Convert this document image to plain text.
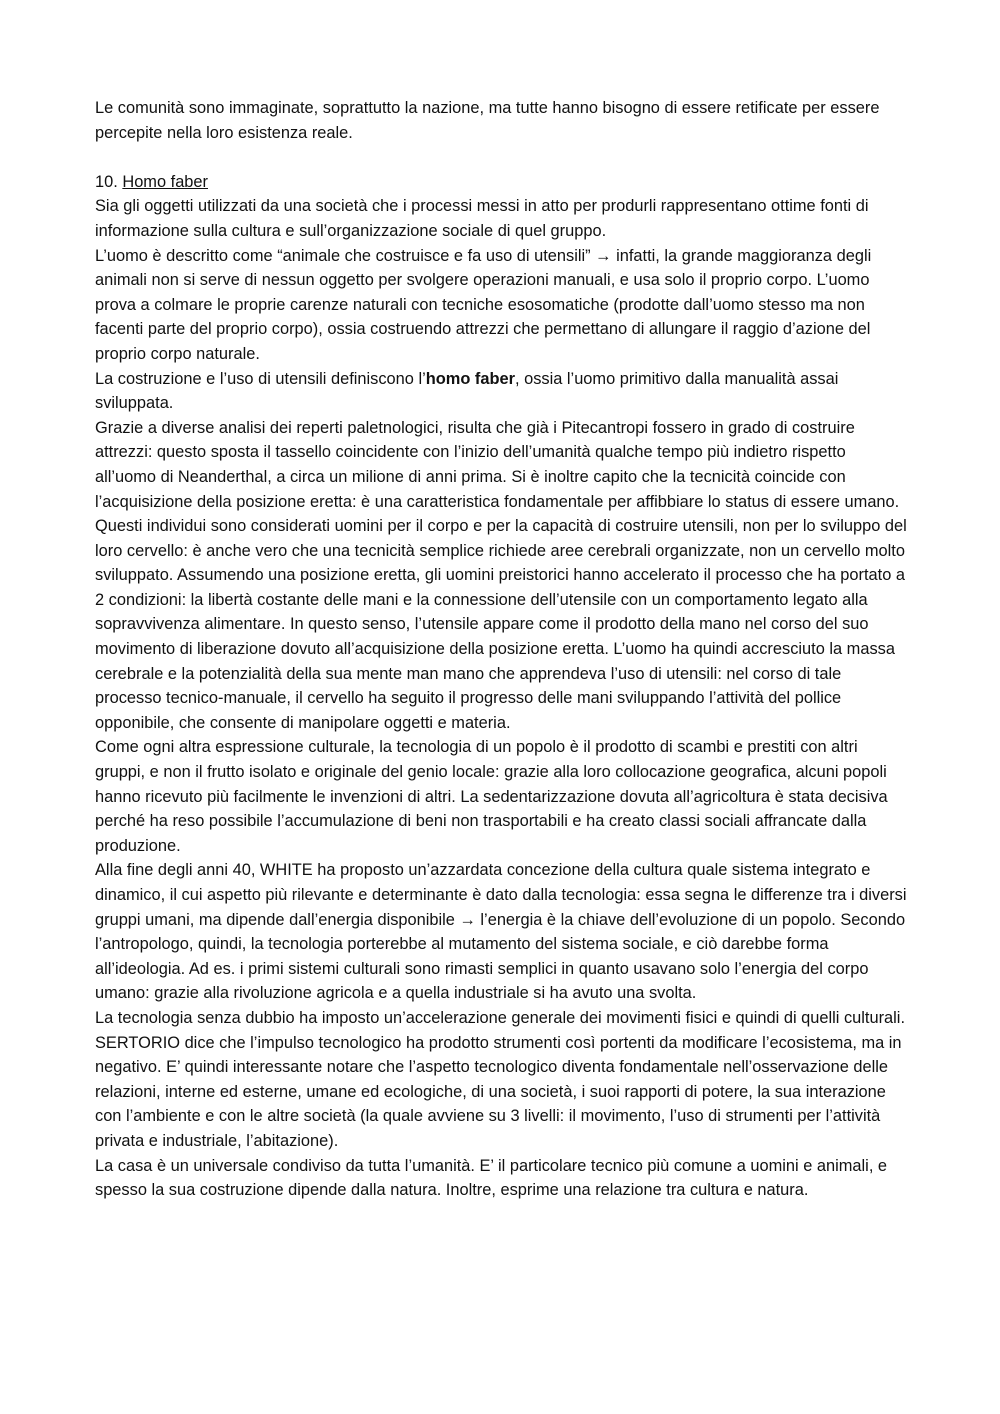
Le comunità sono immaginate, soprattutto la nazione, ma tutte hanno bisogno di essere retificate per essere percepite nella loro esistenza reale.

10. Homo faber

Sia gli oggetti utilizzati da una società che i processi messi in atto per produrli rappresentano ottime fonti di informazione sulla cultura e sull’organizzazione sociale di quel gruppo.

L’uomo è descritto come “animale che costruisce e fa uso di utensili” → infatti, la grande maggioranza degli animali non si serve di nessun oggetto per svolgere operazioni manuali, e usa solo il proprio corpo. L’uomo prova a colmare le proprie carenze naturali con tecniche esosomatiche (prodotte dall’uomo stesso ma non facenti parte del proprio corpo), ossia costruendo attrezzi che permettano di allungare il raggio d’azione del proprio corpo naturale.

La costruzione e l’uso di utensili definiscono l’homo faber, ossia l’uomo primitivo dalla manualità assai sviluppata.

Grazie a diverse analisi dei reperti paletnologici, risulta che già i Pitecantropi fossero in grado di costruire attrezzi: questo sposta il tassello coincidente con l’inizio dell’umanità qualche tempo più indietro rispetto all’uomo di Neanderthal, a circa un milione di anni prima. Si è inoltre capito che la tecnicità coincide con l’acquisizione della posizione eretta: è una caratteristica fondamentale per affibbiare lo status di essere umano. Questi individui sono considerati uomini per il corpo e per la capacità di costruire utensili, non per lo sviluppo del loro cervello: è anche vero che una tecnicità semplice richiede aree cerebrali organizzate, non un cervello molto sviluppato. Assumendo una posizione eretta, gli uomini preistorici hanno accelerato il processo che ha portato a 2 condizioni: la libertà costante delle mani e la connessione dell’utensile con un comportamento legato alla sopravvivenza alimentare. In questo senso, l’utensile appare come il prodotto della mano nel corso del suo movimento di liberazione dovuto all’acquisizione della posizione eretta. L’uomo ha quindi accresciuto la massa cerebrale e la potenzialità della sua mente man mano che apprendeva l’uso di utensili: nel corso di tale processo tecnico-manuale, il cervello ha seguito il progresso delle mani sviluppando l’attività del pollice opponibile, che consente di manipolare oggetti e materia.

Come ogni altra espressione culturale, la tecnologia di un popolo è il prodotto di scambi e prestiti con altri gruppi, e non il frutto isolato e originale del genio locale: grazie alla loro collocazione geografica, alcuni popoli hanno ricevuto più facilmente le invenzioni di altri. La sedentarizzazione dovuta all’agricoltura è stata decisiva perché ha reso possibile l’accumulazione di beni non trasportabili e ha creato classi sociali affrancate dalla produzione.

Alla fine degli anni 40, WHITE ha proposto un’azzardata concezione della cultura quale sistema integrato e dinamico, il cui aspetto più rilevante e determinante è dato dalla tecnologia: essa segna le differenze tra i diversi gruppi umani, ma dipende dall’energia disponibile → l’energia è la chiave dell’evoluzione di un popolo. Secondo l’antropologo, quindi, la tecnologia porterebbe al mutamento del sistema sociale, e ciò darebbe forma all’ideologia. Ad es. i primi sistemi culturali sono rimasti semplici in quanto usavano solo l’energia del corpo umano: grazie alla rivoluzione agricola e a quella industriale si ha avuto una svolta.

La tecnologia senza dubbio ha imposto un’accelerazione generale dei movimenti fisici e quindi di quelli culturali. SERTORIO dice che l’impulso tecnologico ha prodotto strumenti così portenti da modificare l’ecosistema, ma in negativo. E’ quindi interessante notare che l’aspetto tecnologico diventa fondamentale nell’osservazione delle relazioni, interne ed esterne, umane ed ecologiche, di una società, i suoi rapporti di potere, la sua interazione con l’ambiente e con le altre società (la quale avviene su 3 livelli: il movimento, l’uso di strumenti per l’attività privata e industriale, l’abitazione).

La casa è un universale condiviso da tutta l’umanità. E’ il particolare tecnico più comune a uomini e animali, e spesso la sua costruzione dipende dalla natura. Inoltre, esprime una relazione tra cultura e natura.
